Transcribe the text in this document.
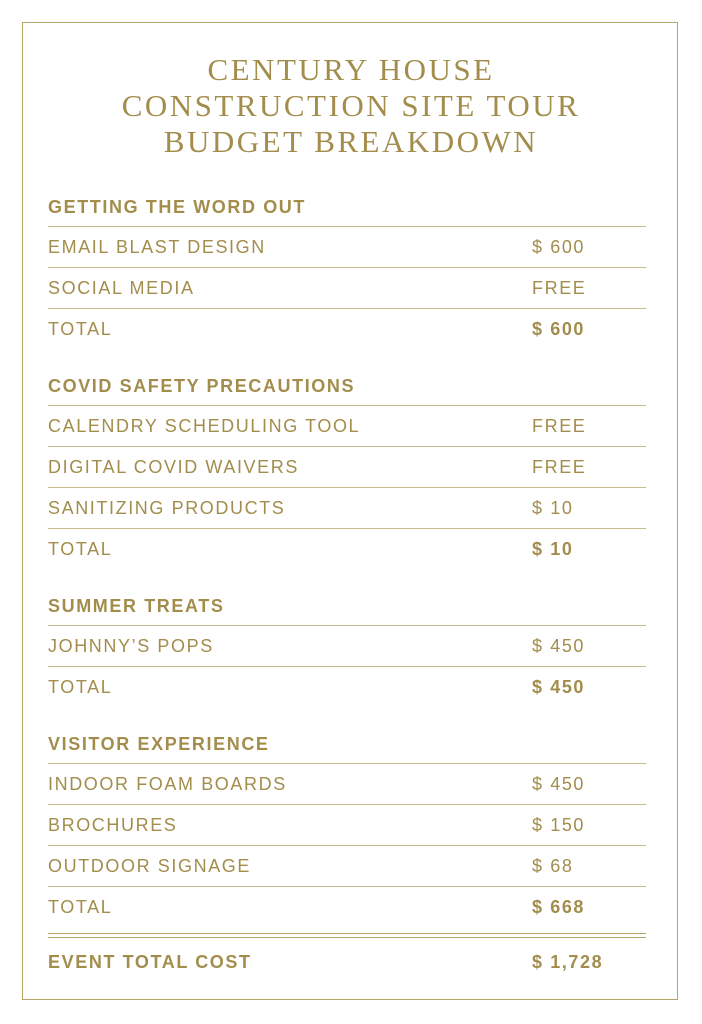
CENTURY HOUSE
CONSTRUCTION SITE TOUR
BUDGET BREAKDOWN
GETTING THE WORD OUT
EMAIL BLAST DESIGN	$ 600
SOCIAL MEDIA	FREE
TOTAL	$ 600
COVID SAFETY PRECAUTIONS
CALENDRY SCHEDULING TOOL	FREE
DIGITAL COVID WAIVERS	FREE
SANITIZING PRODUCTS	$ 10
TOTAL	$ 10
SUMMER TREATS
JOHNNY’S POPS	$ 450
TOTAL	$ 450
VISITOR EXPERIENCE
INDOOR FOAM BOARDS	$ 450
BROCHURES	$ 150
OUTDOOR SIGNAGE	$ 68
TOTAL	$ 668
EVENT TOTAL COST	$ 1,728
